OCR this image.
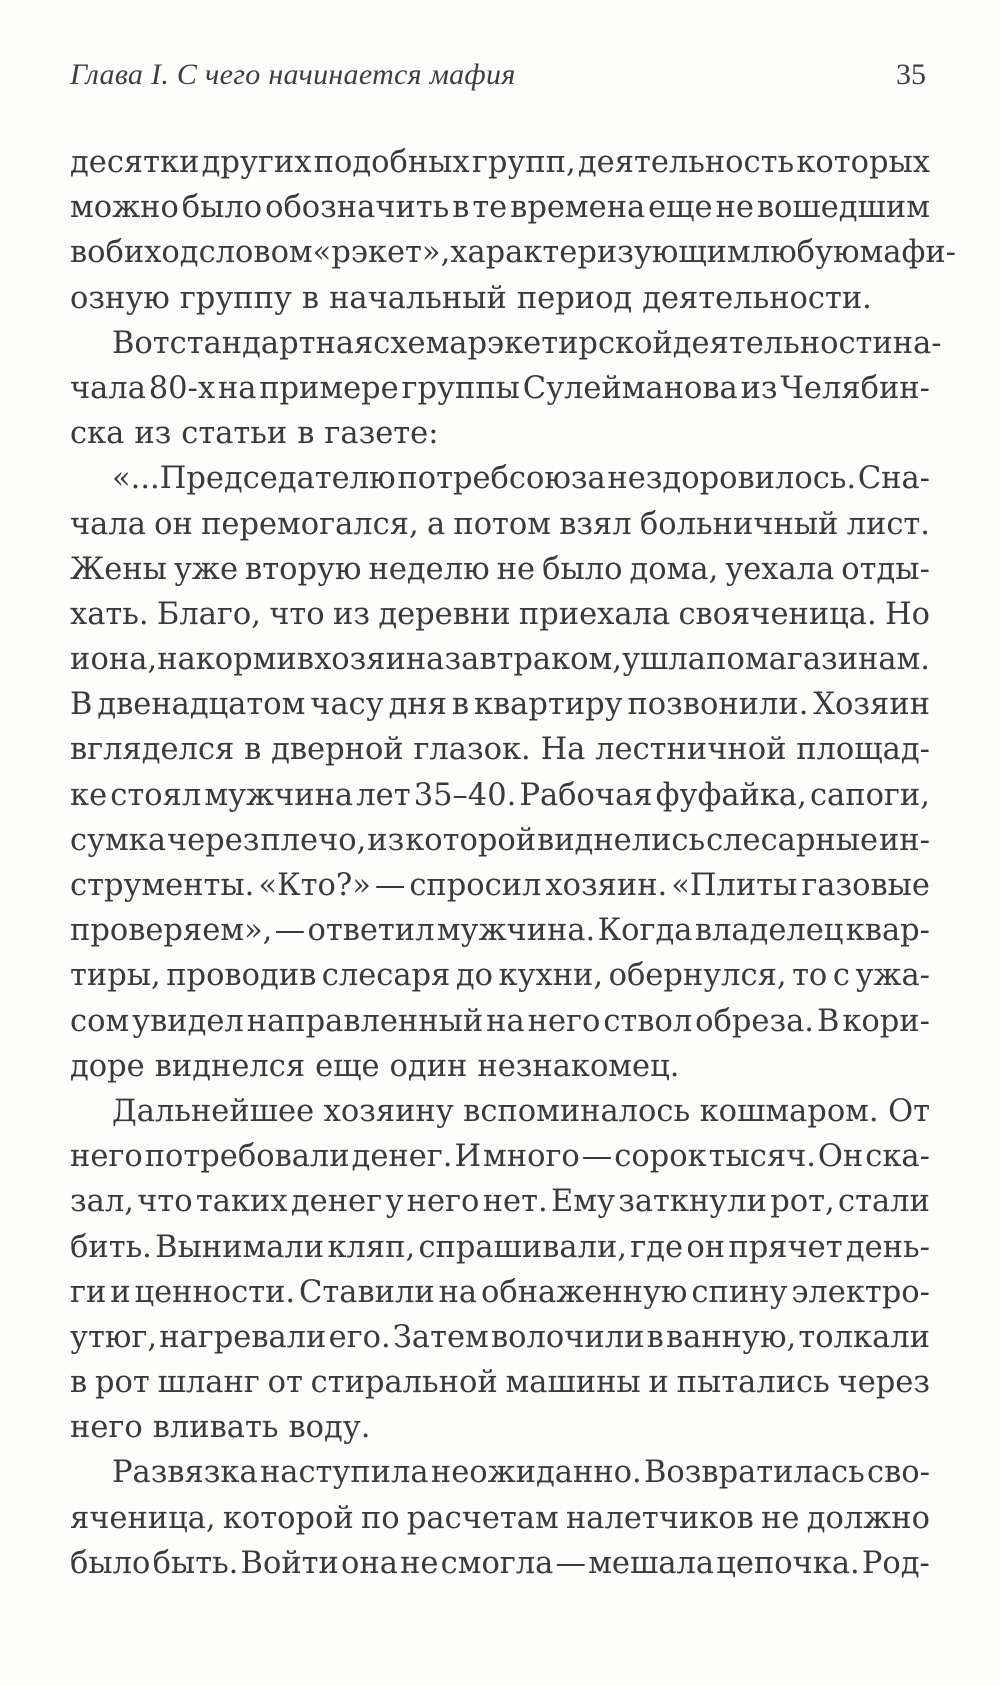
Глава I. С чего начинается мафия	35
десятки других подобных групп, деятельность которых
можно было обозначить в те времена еще не вошедшим
в обиход словом «рэкет», характеризующим любую мафи-
озную группу в начальный период деятельности.
Вот стандартная схема рэкетирской деятельности на-
чала 80-х на примере группы Сулейманова из Челябин-
ска из статьи в газете:
«...Председателю потребсоюза нездоровилось. Сна-
чала он перемогался, а потом взял больничный лист.
Жены уже вторую неделю не было дома, уехала отды-
хать. Благо, что из деревни приехала свояченица. Но
и она, накормив хозяина завтраком, ушла по магазинам.
В двенадцатом часу дня в квартиру позвонили. Хозяин
вгляделся в дверной глазок. На лестничной площад-
ке стоял мужчина лет 35–40. Рабочая фуфайка, сапоги,
сумка через плечо, из которой виднелись слесарные ин-
струменты. «Кто?» — спросил хозяин. «Плиты газовые
проверяем», — ответил мужчина. Когда владелец квар-
тиры, проводив слесаря до кухни, обернулся, то с ужа-
сом увидел направленный на него ствол обреза. В кори-
доре виднелся еще один незнакомец.
Дальнейшее хозяину вспоминалось кошмаром. От
него потребовали денег. И много — сорок тысяч. Он ска-
зал, что таких денег у него нет. Ему заткнули рот, стали
бить. Вынимали кляп, спрашивали, где он прячет день-
ги и ценности. Ставили на обнаженную спину электро-
утюг, нагревали его. Затем волочили в ванную, толкали
в рот шланг от стиральной машины и пытались через
него вливать воду.
Развязка наступила неожиданно. Возвратилась сво-
яченица, которой по расчетам налетчиков не должно
было быть. Войти она не смогла — мешала цепочка. Род-
